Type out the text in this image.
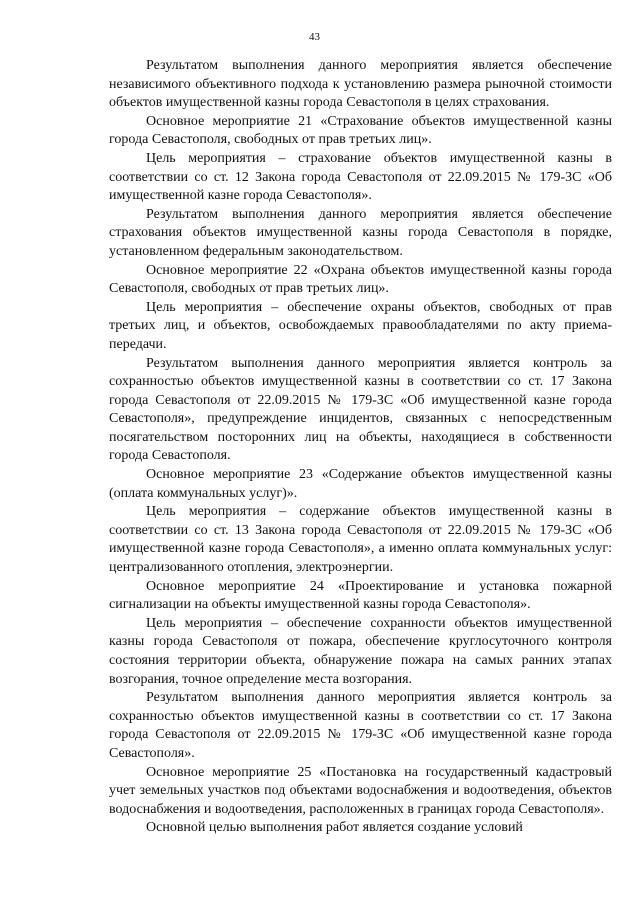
43

Результатом выполнения данного мероприятия является обеспечение независимого объективного подхода к установлению размера рыночной стоимости объектов имущественной казны города Севастополя в целях страхования.

Основное мероприятие 21 «Страхование объектов имущественной казны города Севастополя, свободных от прав третьих лиц».

Цель мероприятия – страхование объектов имущественной казны в соответствии со ст. 12 Закона города Севастополя от 22.09.2015 № 179-ЗС «Об имущественной казне города Севастополя».

Результатом выполнения данного мероприятия является обеспечение страхования объектов имущественной казны города Севастополя в порядке, установленном федеральным законодательством.

Основное мероприятие 22 «Охрана объектов имущественной казны города Севастополя, свободных от прав третьих лиц».

Цель мероприятия – обеспечение охраны объектов, свободных от прав третьих лиц, и объектов, освобождаемых правообладателями по акту приема-передачи.

Результатом выполнения данного мероприятия является контроль за сохранностью объектов имущественной казны в соответствии со ст. 17 Закона города Севастополя от 22.09.2015 № 179-ЗС «Об имущественной казне города Севастополя», предупреждение инцидентов, связанных с непосредственным посягательством посторонних лиц на объекты, находящиеся в собственности города Севастополя.

Основное мероприятие 23 «Содержание объектов имущественной казны (оплата коммунальных услуг)».

Цель мероприятия – содержание объектов имущественной казны в соответствии со ст. 13 Закона города Севастополя от 22.09.2015 № 179-ЗС «Об имущественной казне города Севастополя», а именно оплата коммунальных услуг: централизованного отопления, электроэнергии.

Основное мероприятие 24 «Проектирование и установка пожарной сигнализации на объекты имущественной казны города Севастополя».

Цель мероприятия – обеспечение сохранности объектов имущественной казны города Севастополя от пожара, обеспечение круглосуточного контроля состояния территории объекта, обнаружение пожара на самых ранних этапах возгорания, точное определение места возгорания.

Результатом выполнения данного мероприятия является контроль за сохранностью объектов имущественной казны в соответствии со ст. 17 Закона города Севастополя от 22.09.2015 № 179-ЗС «Об имущественной казне города Севастополя».

Основное мероприятие 25 «Постановка на государственный кадастровый учет земельных участков под объектами водоснабжения и водоотведения, объектов водоснабжения и водоотведения, расположенных в границах города Севастополя».

Основной целью выполнения работ является создание условий
